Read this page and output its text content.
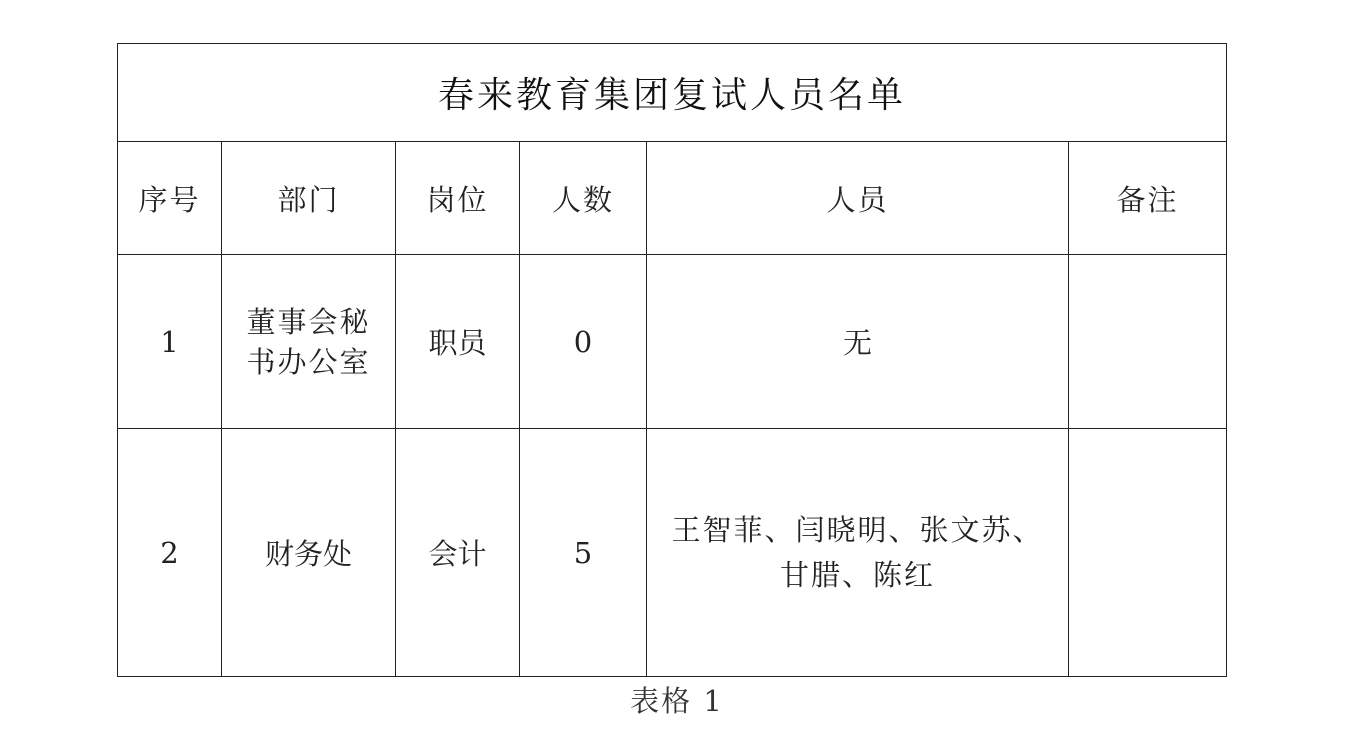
春来教育集团复试人员名单					
序号	部门	岗位	人数	人员	备注
1	董事会秘书办公室	职员	0	无	
2	财务处	会计	5	王智菲、闫晓明、张文苏、甘腊、陈红	

表格 1
